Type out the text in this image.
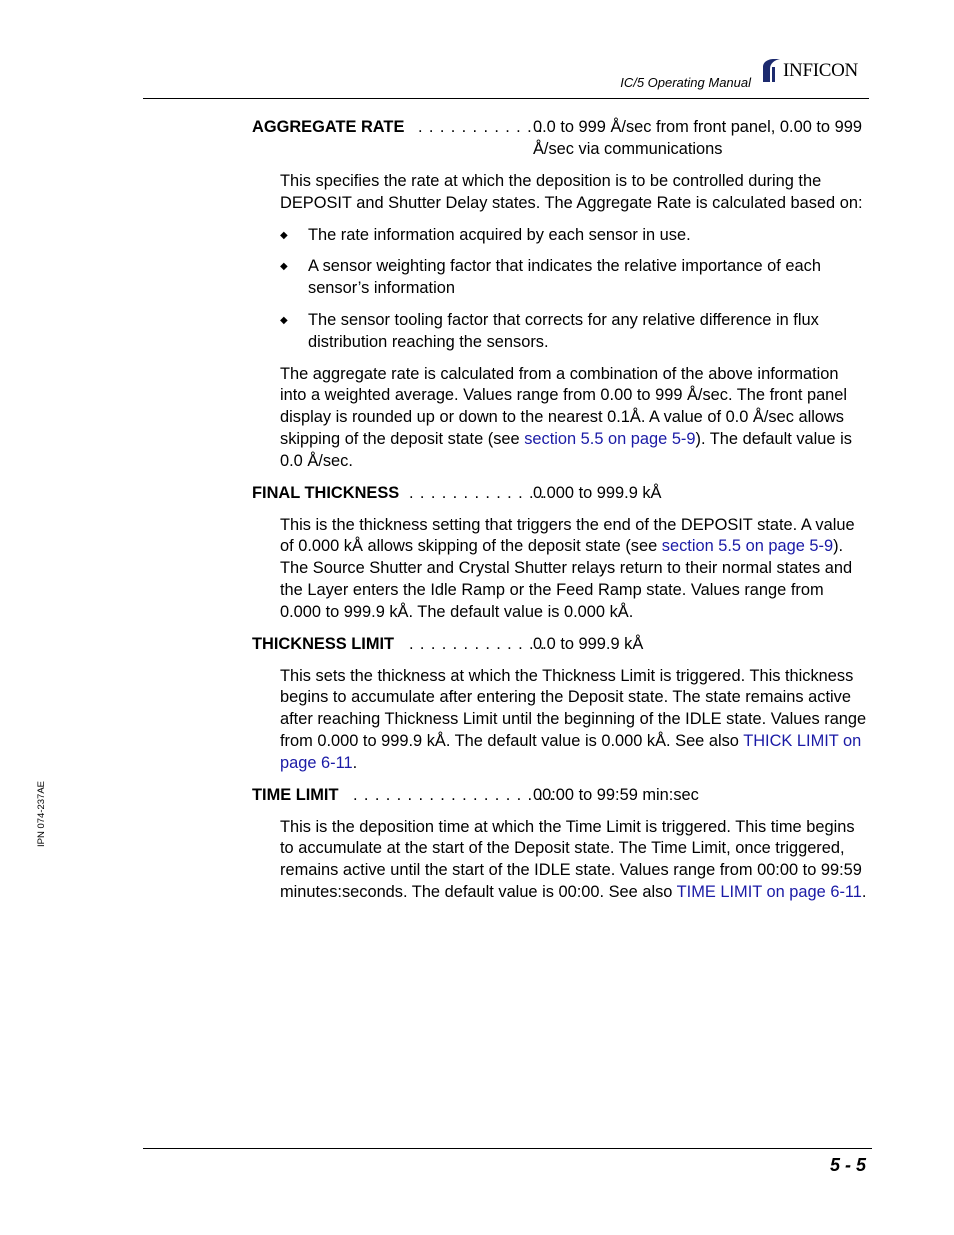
IC/5 Operating Manual
INFICON
IPN 074-237AE
AGGREGATE RATE . . . . . . . . . . . .
0.0 to 999 Å/sec from front panel, 0.00 to 999 Å/sec via communications

This specifies the rate at which the deposition is to be controlled during the DEPOSIT and Shutter Delay states. The Aggregate Rate is calculated based on:

◆ The rate information acquired by each sensor in use.
◆ A sensor weighting factor that indicates the relative importance of each sensor’s information
◆ The sensor tooling factor that corrects for any relative difference in flux distribution reaching the sensors.

The aggregate rate is calculated from a combination of the above information into a weighted average. Values range from 0.00 to 999 Å/sec. The front panel display is rounded up or down to the nearest 0.1Å. A value of 0.0 Å/sec allows skipping of the deposit state (see section 5.5 on page 5-9). The default value is 0.0 Å/sec.

FINAL THICKNESS . . . . . . . . . . . . .
0.000 to 999.9 kÅ

This is the thickness setting that triggers the end of the DEPOSIT state. A value of 0.000 kÅ allows skipping of the deposit state (see section 5.5 on page 5-9). The Source Shutter and Crystal Shutter relays return to their normal states and the Layer enters the Idle Ramp or the Feed Ramp state. Values range from 0.000 to 999.9 kÅ. The default value is 0.000 kÅ.

THICKNESS LIMIT . . . . . . . . . . . . .
0.0 to 999.9 kÅ

This sets the thickness at which the Thickness Limit is triggered. This thickness begins to accumulate after entering the Deposit state. The state remains active after reaching Thickness Limit until the beginning of the IDLE state. Values range from 0.000 to 999.9 kÅ. The default value is 0.000 kÅ. See also THICK LIMIT on page 6-11.

TIME LIMIT . . . . . . . . . . . . . . . . . . .
00:00 to 99:59 min:sec

This is the deposition time at which the Time Limit is triggered. This time begins to accumulate at the start of the Deposit state. The Time Limit, once triggered, remains active until the start of the IDLE state. Values range from 00:00 to 99:59 minutes:seconds. The default value is 00:00. See also TIME LIMIT on page 6-11.

5 - 5
